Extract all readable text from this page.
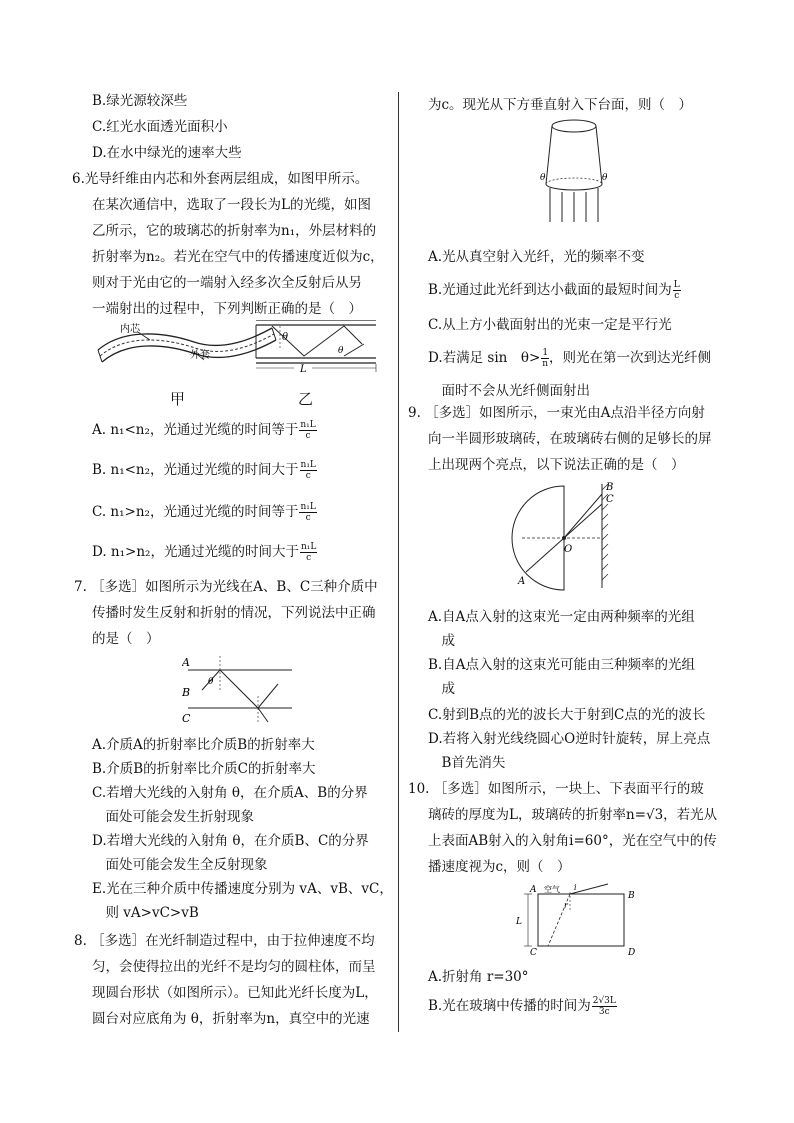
B.绿光源较深些
C.红光水面透光面积小
D.在水中绿光的速率大些
6.光导纤维由内芯和外套两层组成，如图甲所示。
在某次通信中，选取了一段长为L的光缆，如图
乙所示，它的玻璃芯的折射率为n₁，外层材料的
折射率为n₂。若光在空气中的传播速度近似为c，
则对于光由它的一端射入经多次全反射后从另
一端射出的过程中，下列判断正确的是（　）
内芯
外套
θ
θ
L
甲	乙
A. n₁<n₂，光通过光缆的时间等于 $\frac{\text{n₁L}}{c}$
B. n₁<n₂，光通过光缆的时间大于 $\frac{\text{n₁L}}{c}$
C. n₁>n₂，光通过光缆的时间等于 $\frac{\text{n₁L}}{c}$
D. n₁>n₂，光通过光缆的时间大于 $\frac{\text{n₁L}}{c}$
7. ［多选］如图所示为光线在A、B、C三种介质中
传播时发生反射和折射的情况，下列说法中正确
的是（　）
A
B
C
θ
A.介质A的折射率比介质B的折射率大
B.介质B的折射率比介质C的折射率大
C.若增大光线的入射角 θ，在介质A、B的分界
　面处可能会发生折射现象
D.若增大光线的入射角 θ，在介质B、C的分界
　面处可能会发生全反射现象
E.光在三种介质中传播速度分别为 vA、vB、vC，
　则 vA>vC>vB
8. ［多选］在光纤制造过程中，由于拉伸速度不均
匀，会使得拉出的光纤不是均匀的圆柱体，而呈
现圆台形状（如图所示）。已知此光纤长度为L，
圆台对应底角为 θ，折射率为n，真空中的光速
为c。现光从下方垂直射入下台面，则（　）
θ	θ
A.光从真空射入光纤，光的频率不变
B.光通过此光纤到达小截面的最短时间为 $\frac{L}{c}$
C.从上方小截面射出的光束一定是平行光
D.若满足 sin　$\theta> \frac{1}{n}$ ，则光在第一次到达光纤侧
　面时不会从光纤侧面射出
9. ［多选］如图所示，一束光由A点沿半径方向射
向一半圆形玻璃砖，在玻璃砖右侧的足够长的屏
上出现两个亮点，以下说法正确的是（　）
B
C
O
A
A.自A点入射的这束光一定由两种频率的光组
　成
B.自A点入射的这束光可能由三种频率的光组
　成
C.射到B点的光的波长大于射到C点的光的波长
D.若将入射光线绕圆心O逆时针旋转，屏上亮点
　B首先消失
10. ［多选］如图所示，一块上、下表面平行的玻
璃砖的厚度为L，玻璃砖的折射率n=√3，若光从
上表面AB射入的入射角i=60°，光在空气中的传
播速度视为c，则（　）
A
B
C	D
L
空气 i
r
A.折射角 r=30°
B.光在玻璃中传播的时间为 $\frac{2√3L}{3c}$
